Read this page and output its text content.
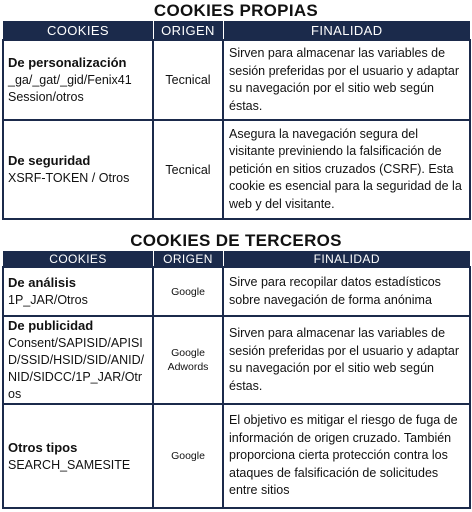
COOKIES PROPIAS
COOKIES	ORIGEN	FINALIDAD

De personalización
_ga/_gat/_gid/Fenix41 Session/otros	Tecnical	Sirven para almacenar las variables de sesión preferidas por el usuario y adaptar su navegación por el sitio web según éstas.

De seguridad
XSRF-TOKEN / Otros	Tecnical	Asegura la navegación segura del visitante previniendo la falsificación de petición en sitios cruzados (CSRF). Esta cookie es esencial para la seguridad de la web y del visitante.
COOKIES DE TERCEROS
COOKIES	ORIGEN	FINALIDAD

De análisis
1P_JAR/Otros	Google	Sirve para recopilar datos estadísticos sobre navegación de forma anónima

De publicidad
Consent/SAPISID/APISID/SSID/HSID/SID/ANID/NID/SIDCC/1P_JAR/Otros	Google Adwords	Sirven para almacenar las variables de sesión preferidas por el usuario y adaptar su navegación por el sitio web según éstas.

Otros tipos
SEARCH_SAMESITE	Google	El objetivo es mitigar el riesgo de fuga de información de origen cruzado. También proporciona cierta protección contra los ataques de falsificación de solicitudes entre sitios
